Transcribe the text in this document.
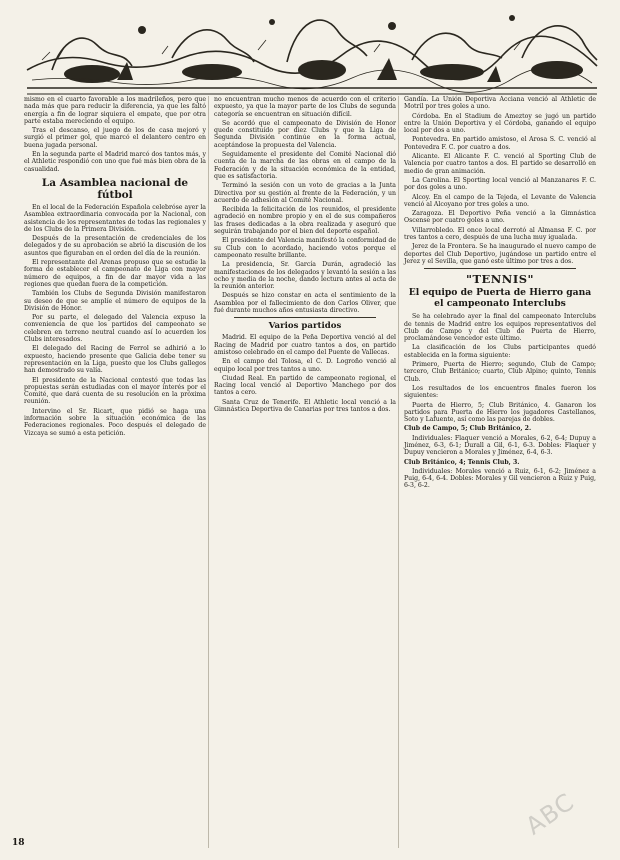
mismo en el cuarto favorable a los madrileños, pero que nada más que para reducir la diferencia, ya que les faltó energía a fin de lograr siquiera el empate, que por otra parte estaba mereciendo el equipo.

Tras el descanso, el juego de los de casa mejoró y surgió el primer gol, que marcó el delantero centro en buena jugada personal.

En la segunda parte el Madrid marcó dos tantos más, y el Athletic respondió con uno que fué más bien obra de la casualidad.

La Asamblea nacional de fútbol

En el local de la Federación Española celebróse ayer la Asamblea extraordinaria convocada por la Nacional, con asistencia de los representantes de todas las regionales y de los Clubs de la Primera División.

Después de la presentación de credenciales de los delegados y de su aprobación se abrió la discusión de los asuntos que figuraban en el orden del día de la reunión.

El representante del Arenas propuso que se estudie la forma de establecer el campeonato de Liga con mayor número de equipos, a fin de dar mayor vida a las regiones que quedan fuera de la competición.

También los Clubs de Segunda División manifestaron su deseo de que se amplíe el número de equipos de la División de Honor.

Por su parte, el delegado del Valencia expuso la conveniencia de que los partidos del campeonato se celebren en terreno neutral cuando así lo acuerden los Clubs interesados.

El delegado del Racing de Ferrol se adhirió a lo expuesto, haciendo presente que Galicia debe tener su representación en la Liga, puesto que los Clubs gallegos han demostrado su valía.

El presidente de la Nacional contestó que todas las propuestas serán estudiadas con el mayor interés por el Comité, que dará cuenta de su resolución en la próxima reunión.

Intervino el Sr. Ricart, que pidió se haga una información sobre la situación económica de las Federaciones regionales. Poco después el delegado de Vizcaya se sumó a esta petición.

no encuentran mucho menos de acuerdo con el criterio expuesto, ya que la mayor parte de los Clubs de segunda categoría se encuentran en situación difícil.

Se acordó que el campeonato de División de Honor quede constituído por diez Clubs y que la Liga de Segunda División continúe en la forma actual, aceptándose la propuesta del Valencia.

Seguidamente el presidente del Comité Nacional dió cuenta de la marcha de las obras en el campo de la Federación y de la situación económica de la entidad, que es satisfactoria.

Terminó la sesión con un voto de gracias a la Junta Directiva por su gestión al frente de la Federación, y un acuerdo de adhesión al Comité Nacional.

Recibida la felicitación de los reunidos, el presidente agradeció en nombre propio y en el de sus compañeros las frases dedicadas a la obra realizada y aseguró que seguirán trabajando por el bien del deporte español.

El presidente del Valencia manifestó la conformidad de su Club con lo acordado, haciendo votos porque el campeonato resulte brillante.

La presidencia, Sr. García Durán, agradeció las manifestaciones de los delegados y levantó la sesión a las ocho y media de la noche, dando lectura antes al acta de la reunión anterior.

Después se hizo constar en acta el sentimiento de la Asamblea por el fallecimiento de don Carlos Oliver, que fué durante muchos años entusiasta directivo.

Varios partidos

Madrid. El equipo de la Peña Deportiva venció al del Racing de Madrid por cuatro tantos a dos, en partido amistoso celebrado en el campo del Puente de Vallecas.

En el campo del Tolosa, el C. D. Logroño venció al equipo local por tres tantos a uno.

Ciudad Real. En partido de campeonato regional, el Racing local venció al Deportivo Manchego por dos tantos a cero.

Santa Cruz de Tenerife. El Athletic local venció a la Gimnástica Deportiva de Canarias por tres tantos a dos.

Gandía. La Unión Deportiva Acciana venció al Athletic de Motril por tres goles a uno.

Córdoba. En el Stadium de Ameztoy se jugó un partido entre la Unión Deportiva y el Córdoba, ganando el equipo local por dos a uno.

Pontevedra. En partido amistoso, el Arosa S. C. venció al Pontevedra F. C. por cuatro a dos.

Alicante. El Alicante F. C. venció al Sporting Club de Valencia por cuatro tantos a dos. El partido se desarrolló en medio de gran animación.

La Carolina. El Sporting local venció al Manzanares F. C. por dos goles a uno.

Alcoy. En el campo de la Tejeda, el Levante de Valencia venció al Alcoyano por tres goles a uno.

Zaragoza. El Deportivo Peña venció a la Gimnástica Oscense por cuatro goles a uno.

Villarrobledo. El once local derrotó al Almansa F. C. por tres tantos a cero, después de una lucha muy igualada.

Jerez de la Frontera. Se ha inaugurado el nuevo campo de deportes del Club Deportivo, jugándose un partido entre el Jerez y el Sevilla, que ganó este último por tres a dos.

"TENNIS"
El equipo de Puerta de Hierro gana el campeonato Interclubs

Se ha celebrado ayer la final del campeonato Interclubs de tennis de Madrid entre los equipos representativos del Club de Campo y del Club de Puerta de Hierro, proclamándose vencedor este último.

La clasificación de los Clubs participantes quedó establecida en la forma siguiente:

Primero, Puerta de Hierro; segundo, Club de Campo; tercero, Club Británico; cuarto, Club Alpino; quinto, Tennis Club.

Los resultados de los encuentros finales fueron los siguientes:

Puerta de Hierro, 5; Club Británico, 4. Ganaron los partidos para Puerta de Hierro los jugadores Castellanos, Soto y Lafuente, así como las parejas de dobles.

Club de Campo, 5; Club Británico, 2.

Individuales: Flaquer venció a Morales, 6-2, 6-4; Dupuy a Jiménez, 6-3, 6-1; Durall a Gil, 6-1, 6-3. Dobles: Flaquer y Dupuy vencieron a Morales y Jiménez, 6-4, 6-3.

Club Británico, 4; Tennis Club, 3.

Individuales: Morales venció a Ruiz, 6-1, 6-2; Jiménez a Puig, 6-4, 6-4. Dobles: Morales y Gil vencieron a Ruiz y Puig, 6-3, 6-2.

18
ABC
